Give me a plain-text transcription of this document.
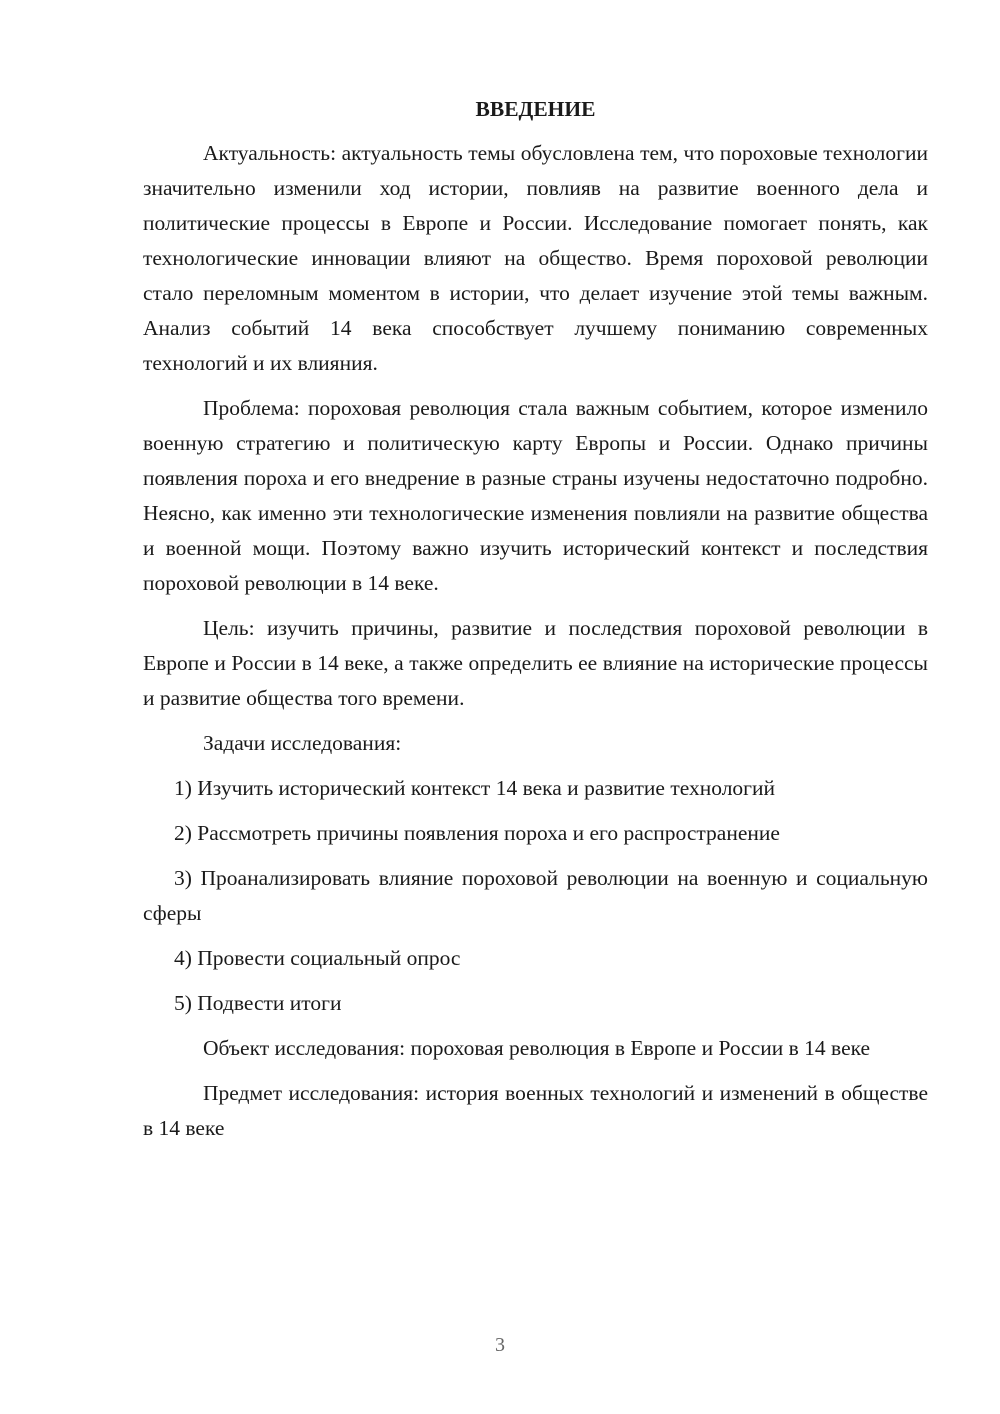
ВВЕДЕНИЕ

Актуальность: актуальность темы обусловлена тем, что пороховые технологии значительно изменили ход истории, повлияв на развитие военного дела и политические процессы в Европе и России. Исследование помогает понять, как технологические инновации влияют на общество. Время пороховой революции стало переломным моментом в истории, что делает изучение этой темы важным. Анализ событий 14 века способствует лучшему пониманию современных технологий и их влияния.

Проблема: пороховая революция стала важным событием, которое изменило военную стратегию и политическую карту Европы и России. Однако причины появления пороха и его внедрение в разные страны изучены недостаточно подробно. Неясно, как именно эти технологические изменения повлияли на развитие общества и военной мощи. Поэтому важно изучить исторический контекст и последствия пороховой революции в 14 веке.

Цель: изучить причины, развитие и последствия пороховой революции в Европе и России в 14 веке, а также определить ее влияние на исторические процессы и развитие общества того времени.

Задачи исследования:

1) Изучить исторический контекст 14 века и развитие технологий

2) Рассмотреть причины появления пороха и его распространение

3) Проанализировать влияние пороховой революции на военную и социальную сферы

4) Провести социальный опрос

5) Подвести итоги

Объект исследования: пороховая революция в Европе и России в 14 веке

Предмет исследования: история военных технологий и изменений в обществе в 14 веке

3
